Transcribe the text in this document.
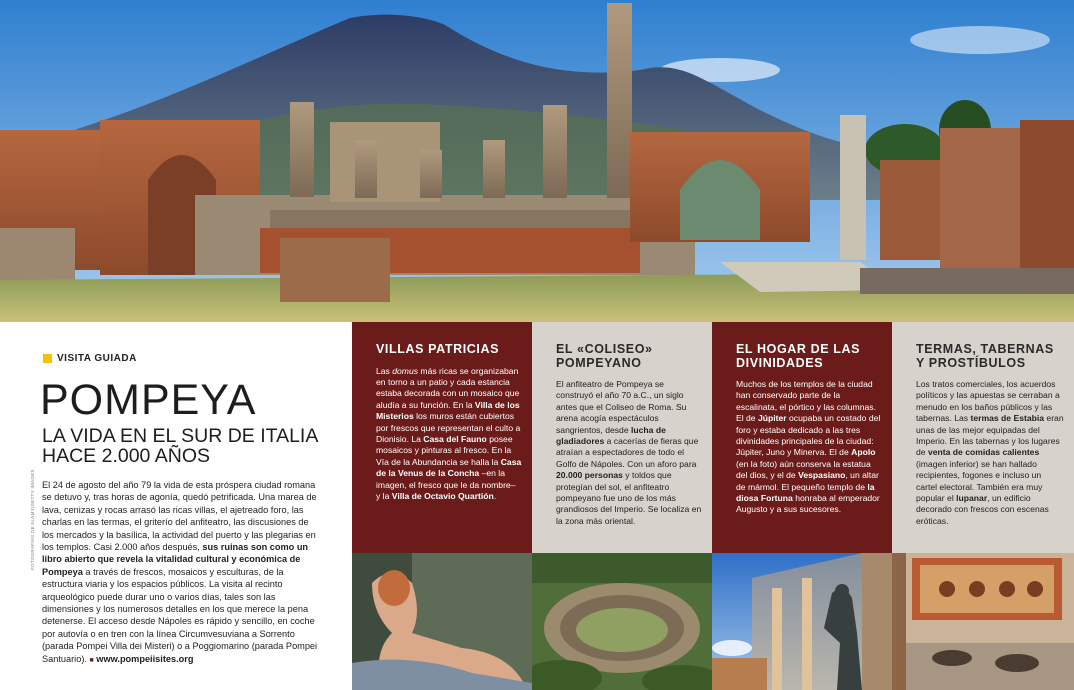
VISITA GUIADA
POMPEYA
LA VIDA EN EL SUR DE ITALIA HACE 2.000 AÑOS
FOTOGRAFÍAS DE ALAMY/GETTY IMAGES El 24 de agosto del año 79 la vida de esta próspera ciudad romana se detuvo y, tras horas de agonía, quedó petrificada. Una marea de lava, cenizas y rocas arrasó las ricas villas, el ajetreado foro, las charlas en las termas, el griterío del anfiteatro, las discusiones de los mercados y la basílica, la actividad del puerto y las plegarias en los templos. Casi 2.000 años después, sus ruinas son como un libro abierto que revela la vitalidad cultural y económica de Pompeya a través de frescos, mosaicos y esculturas, de la estructura viaria y los espacios públicos. La visita al recinto arqueológico puede durar uno o varios días, tales son las dimensiones y los numerosos detalles en los que merece la pena detenerse. El acceso desde Nápoles es rápido y sencillo, en coche por autovía o en tren con la línea Circumvesuviana a Sorrento (parada Pompei Villa dei Misteri) o a Poggiomarino (parada Pompei Santuario). ■ www.pompeiisites.org

VILLAS PATRICIAS

Las domus más ricas se organizaban en torno a un patio y cada estancia estaba decorada con un mosaico que aludía a su función. En la Villa de los Misterios los muros están cubiertos por frescos que representan el culto a Dionisio. La Casa del Fauno posee mosaicos y pinturas al fresco. En la Vía de la Abundancia se halla la Casa de la Venus de la Concha –en la imagen, el fresco que le da nombre– y la Villa de Octavio Quartión.

EL «COLISEO» POMPEYANO

El anfiteatro de Pompeya se construyó el año 70 a.C., un siglo antes que el Coliseo de Roma. Su arena acogía espectáculos sangrientos, desde lucha de gladiadores a cacerías de fieras que atraían a espectadores de todo el Golfo de Nápoles. Con un aforo para 20.000 personas y toldos que protegían del sol, el anfiteatro pompeyano fue uno de los más grandiosos del Imperio. Se localiza en la zona más oriental.

EL HOGAR DE LAS DIVINIDADES

Muchos de los templos de la ciudad han conservado parte de la escalinata, el pórtico y las columnas. El de Júpiter ocupaba un costado del foro y estaba dedicado a las tres divinidades principales de la ciudad: Júpiter, Juno y Minerva. El de Apolo (en la foto) aún conserva la estatua del dios, y el de Vespasiano, un altar de mármol. El pequeño templo de la diosa Fortuna honraba al emperador Augusto y a sus sucesores.

TERMAS, TABERNAS Y PROSTÍBULOS

Los tratos comerciales, los acuerdos políticos y las apuestas se cerraban a menudo en los baños públicos y las tabernas. Las termas de Estabia eran unas de las mejor equipadas del Imperio. En las tabernas y los lugares de venta de comidas calientes (imagen inferior) se han hallado recipientes, fogones e incluso un cartel electoral. También era muy popular el lupanar, un edificio decorado con frescos con escenas eróticas.
